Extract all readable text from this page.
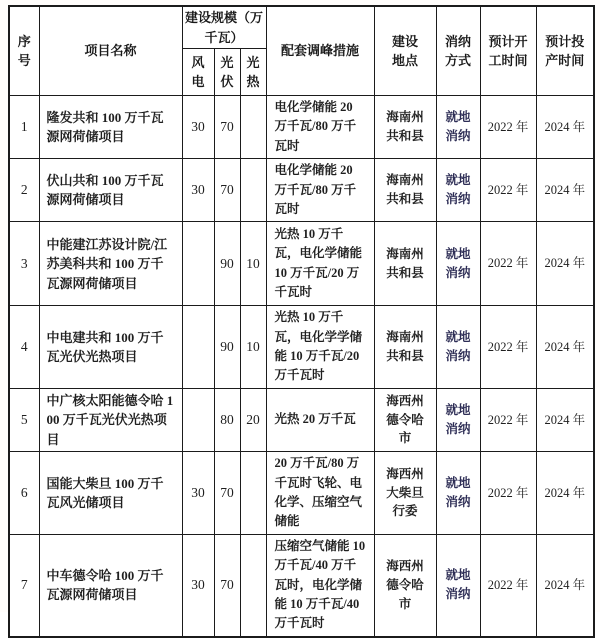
序号	项目名称	建设规模（万千瓦）			配套调峰措施	建设地点	消纳方式	预计开工时间	预计投产时间
		风电	光伏	光热					
1	隆发共和 100 万千瓦源网荷储项目	30	70		电化学储能 20 万千瓦/80 万千瓦时	海南州共和县	就地消纳	2022 年	2024 年
2	伏山共和 100 万千瓦源网荷储项目	30	70		电化学储能 20 万千瓦/80 万千瓦时	海南州共和县	就地消纳	2022 年	2024 年
3	中能建江苏设计院/江苏美科共和 100 万千瓦源网荷储项目		90	10	光热 10 万千瓦，电化学储能 10 万千瓦/20 万千瓦时	海南州共和县	就地消纳	2022 年	2024 年
4	中电建共和 100 万千瓦光伏光热项目		90	10	光热 10 万千瓦，电化学学储能 10 万千瓦/20 万千瓦时	海南州共和县	就地消纳	2022 年	2024 年
5	中广核太阳能德令哈 100 万千瓦光伏光热项目		80	20	光热 20 万千瓦	海西州德令哈市	就地消纳	2022 年	2024 年
6	国能大柴旦 100 万千瓦风光储项目	30	70		20 万千瓦/80 万千瓦时飞轮、电化学、压缩空气储能	海西州大柴旦行委	就地消纳	2022 年	2024 年
7	中车德令哈 100 万千瓦源网荷储项目	30	70		压缩空气储能 10 万千瓦/40 万千瓦时，电化学储能 10 万千瓦/40 万千瓦时	海西州德令哈市	就地消纳	2022 年	2024 年
